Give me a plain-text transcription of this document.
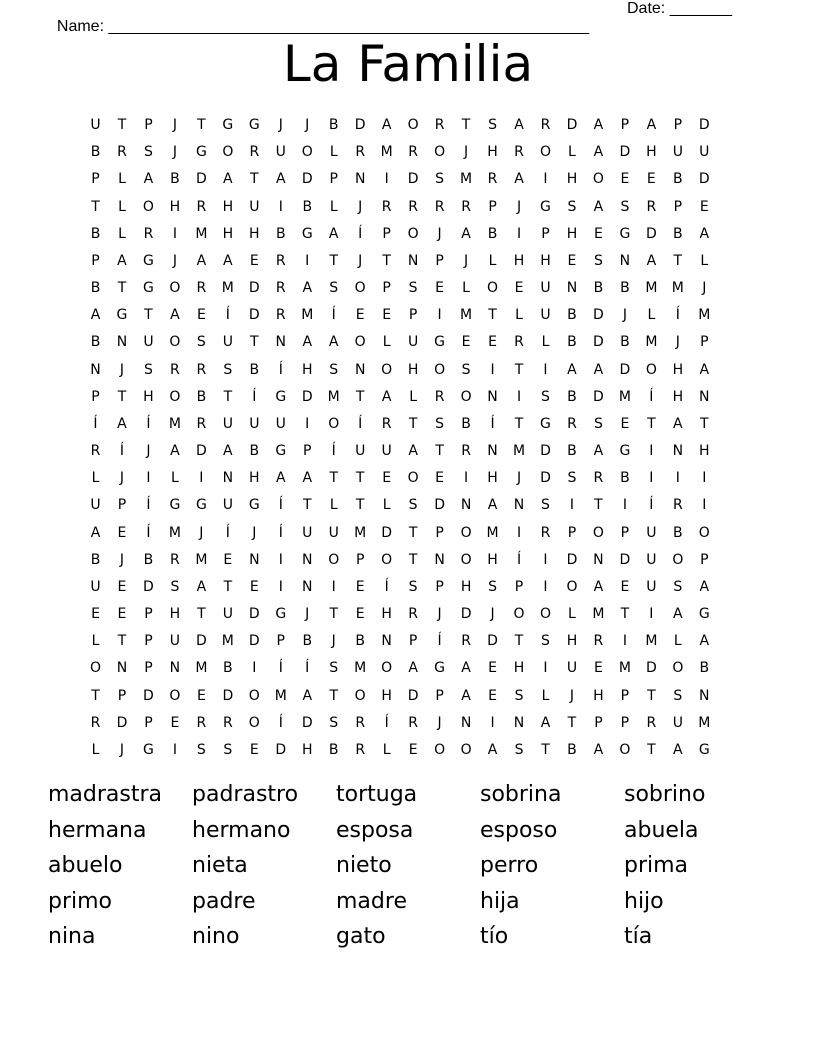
Name: ______________________________________________________

Date: _______

La Familia
U	T	P	J	T	G	G	J	J	B	D	A	O	R	T	S	A	R	D	A	P	A	P	D
B	R	S	J	G	O	R	U	O	L	R	M	R	O	J	H	R	O	L	A	D	H	U	U
P	L	A	B	D	A	T	A	D	P	N	I	D	S	M	R	A	I	H	O	E	E	B	D
T	L	O	H	R	H	U	I	B	L	J	R	R	R	R	P	J	G	S	A	S	R	P	E
B	L	R	I	M	H	H	B	G	A	Í	P	O	J	A	B	I	P	H	E	G	D	B	A
P	A	G	J	A	A	E	R	I	T	J	T	N	P	J	L	H	H	E	S	N	A	T	L
B	T	G	O	R	M	D	R	A	S	O	P	S	E	L	O	E	U	N	B	B	M M	J
A	G	T	A	E	Í	D	R	M	Í	E	E	P	I	M	T	L	U	B	D	J	L	Í	M
B	N	U	O	S	U	T	N	A	A	O	L	U	G	E	E	R	L	B	D	B	M	J	P
N	J	S	R	R	S	B	Í	H	S	N	O	H	O	S	I	T	I	A	A	D	O	H	A
P	T	H	O	B	T	Í	G	D	M	T	A	L	R	O	N	I	S	B	D	M	Í	H	N
Í	A	Í	M	R	U	U	U	I	O	Í	R	T	S	B	Í	T	G	R	S	E	T	A	T
R	Í	J	A	D	A	B	G	P	Í	U	U	A	T	R	N	M	D	B	A	G	I	N	H
L	J	I	L	I	N	H	A	A	T	T	E	O	E	I	H	J	D	S	R	B	I	I	I
U	P	Í	G	G	U	G	Í	T	L	T	L	S	D	N	A	N	S	I	T	I	Í	R	I
A	E	Í	M	J	Í	J	Í	U	U	M	D	T	P	O	M	I	R	P	O	P	U	B	O
B	J	B	R	M	E	N	I	N	O	P	O	T	N	O	H	Í	I	D	N	D	U	O	P
U	E	D	S	A	T	E	I	N	I	E	Í	S	P	H	S	P	I	O	A	E	U	S	A
E	E	P	H	T	U	D	G	J	T	E	H	R	J	D	J	O	O	L	M	T	I	A	G
L	T	P	U	D	M	D	P	B	J	B	N	P	Í	R	D	T	S	H	R	I	M	L	A
O	N	P	N	M	B	I	Í	Í	S	M	O	A	G	A	E	H	I	U	E	M	D	O	B
T	P	D	O	E	D	O	M	A	T	O	H	D	P	A	E	S	L	J	H	P	T	S	N
R	D	P	E	R	R	O	Í	D	S	R	Í	R	J	N	I	N	A	T	P	P	R	U	M
L	J	G	I	S	S	E	D	H	B	R	L	E	O	O	A	S	T	B	A	O	T	A	G
madrastra padrastro tortuga	sobrina	sobrino
hermana hermano esposa	esposo	abuela
abuelo	nieta	nieto	perro	prima
primo	padre	madre	hija	hijo
nina	nino	gato	tío	tía
